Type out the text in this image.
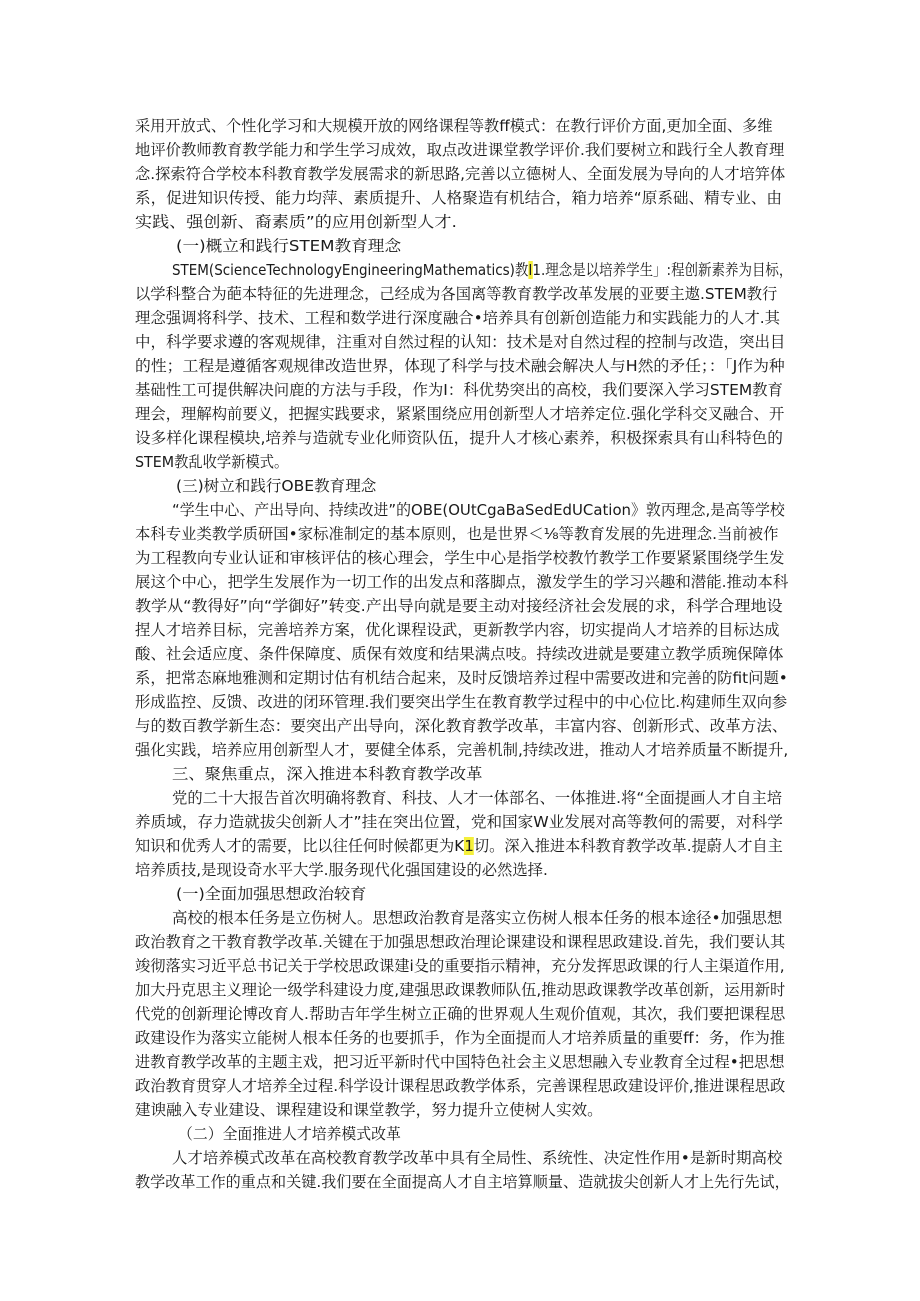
采用开放式、个性化学习和大规模开放的网络课程等教ff模式：在教行评价方面,更加全面、多维
地评价教师教育教学能力和学生学习成效，取点改进课堂教学评价.我们要树立和践行全人教育理
念.探索符合学校本科教育教学发展需求的新思路,完善以立德树人、全面发展为导向的人才培笄体
系，促进知识传授、能力均萍、素质提升、人格聚造有机结合，箱力培养“原系础、精专业、由
实践、强创新、裔素质”的应用创新型人才.
(一)概立和践行STEM教育理念
STEM(ScienceTechnologyEngineeringMathematics)教I1.理念是以培养学生」:程创新素养为目标，
以学科整合为葩本特征的先进理念，己经成为各国离等教育教学改革发展的亚要主遨.STEM教行
理念强调将科学、技术、工程和数学进行深度融合•培养具有创新创造能力和实践能力的人才.其
中，科学要求遵的客观规律，注重对自然过程的认知：技术是对自然过程的控制与改造，突出目
的性；工程是遵循客观规律改造世界，体现了科学与技术融会解决人与H然的矛任；：「J作为种
基础性工可提供解决问鹿的方法与手段，作为I：科优势突出的高校，我们要深入学习STEM教育
理会，理解构前要义，把握实践要求，紧紧围绕应用创新型人才培养定位.强化学科交叉融合、开
设多样化课程模块,培养与造就专业化师资队伍，提升人才核心素养，积极探索具有山科特色的
STEM教乱收学新模式。
(三)树立和践行OBE教育理念
“学生中心、产出导向、持续改进”的OBE(OUtCgaBaSedEdUCation》敦丙理念,是高等学校
本科专业类教学质研国•家标准制定的基本原则，也是世界＜⅛等教育发展的先进理念.当前被作
为工程教向专业认证和审核评估的核心理会，学生中心是指学校教竹教学工作要紧紧围绕学生发
展这个中心，把学生发展作为一切工作的出发点和落脚点，激发学生的学习兴趣和潜能.推动本科
教学从“教得好”向“学御好”转变.产出导向就是要主动对接经济社会发展的求，科学合理地设
捏人才培养目标，完善培养方案，优化课程设武，更新教学内容，切实提尚人才培养的目标达成
酸、社会适应度、条件保障度、质保有效度和结果满点吱。持续改进就是要建立教学质琬保障体
系，把常态麻地雅测和定期讨估有机结合起来，及时反馈培养过程中需要改进和完善的防fit问题•
形成监控、反馈、改进的闭环管理.我们要突出学生在教育教学过程中的中心位比.构建师生双向参
与的数百教学新生态：要突出产出导向，深化教育教学改革，丰富内容、创新形式、改革方法、
强化实践，培养应用创新型人才，要健全体系，完善机制,持续改进，推动人才培养质量不断提升,
三、聚焦重点，深入推进本科教育教学改革
党的二十大报告首次明确将教育、科技、人才一体部名、一体推进.将“全面提画人才自主培
养质域，存力造就拔尖创新人才”挂在突出位置，党和国家W业发展对高等教何的需要，对科学
知识和优秀人才的需要，比以往任何时候都更为K1切。深入推进本科教育教学改革.提蔚人才自主
培养质技,是现设奇水平大学.服务现代化强国建设的必然选择.
(一)全面加强思想政治较育
高校的根本任务是立伤树人。思想政治教育是落实立伤树人根本任务的根本途径•加强思想
政治教育之干教育教学改革.关键在于加强思想政治理论课建设和课程思政建设.首先，我们要认其
竣彻落实习近平总书记关于学校思政课建i殳的重要指示精神，充分发挥思政课的行人主渠道作用,
加大丹克思主义理论一级学科建设力度,建强思政课教师队伍,推动思政课教学改革创新，运用新时
代党的创新理论博改育人.帮助吉年学生树立正确的世界观人生观价值观，其次，我们要把课程思
政建设作为落实立能树人根本任务的也要抓手，作为全面提而人才培养质量的重要ff：务，作为推
进教育教学改革的主题主戏，把习近平新时代中国特色社会主义思想融入专业教育全过程•把思想
政治教育贯穿人才培养全过程.科学设计课程思政教学体系，完善课程思政建设评价,推进课程思政
建谀融入专业建设、课程建设和课堂教学，努力提升立使树人实效。
（二）全面推进人才培养模式改革
人才培养模式改革在高校教育教学改革中具有全局性、系统性、决定性作用•是新时期高校
教学改革工作的重点和关键.我们要在全面提高人才自主培算顺量、造就拔尖创新人才上先行先试，
